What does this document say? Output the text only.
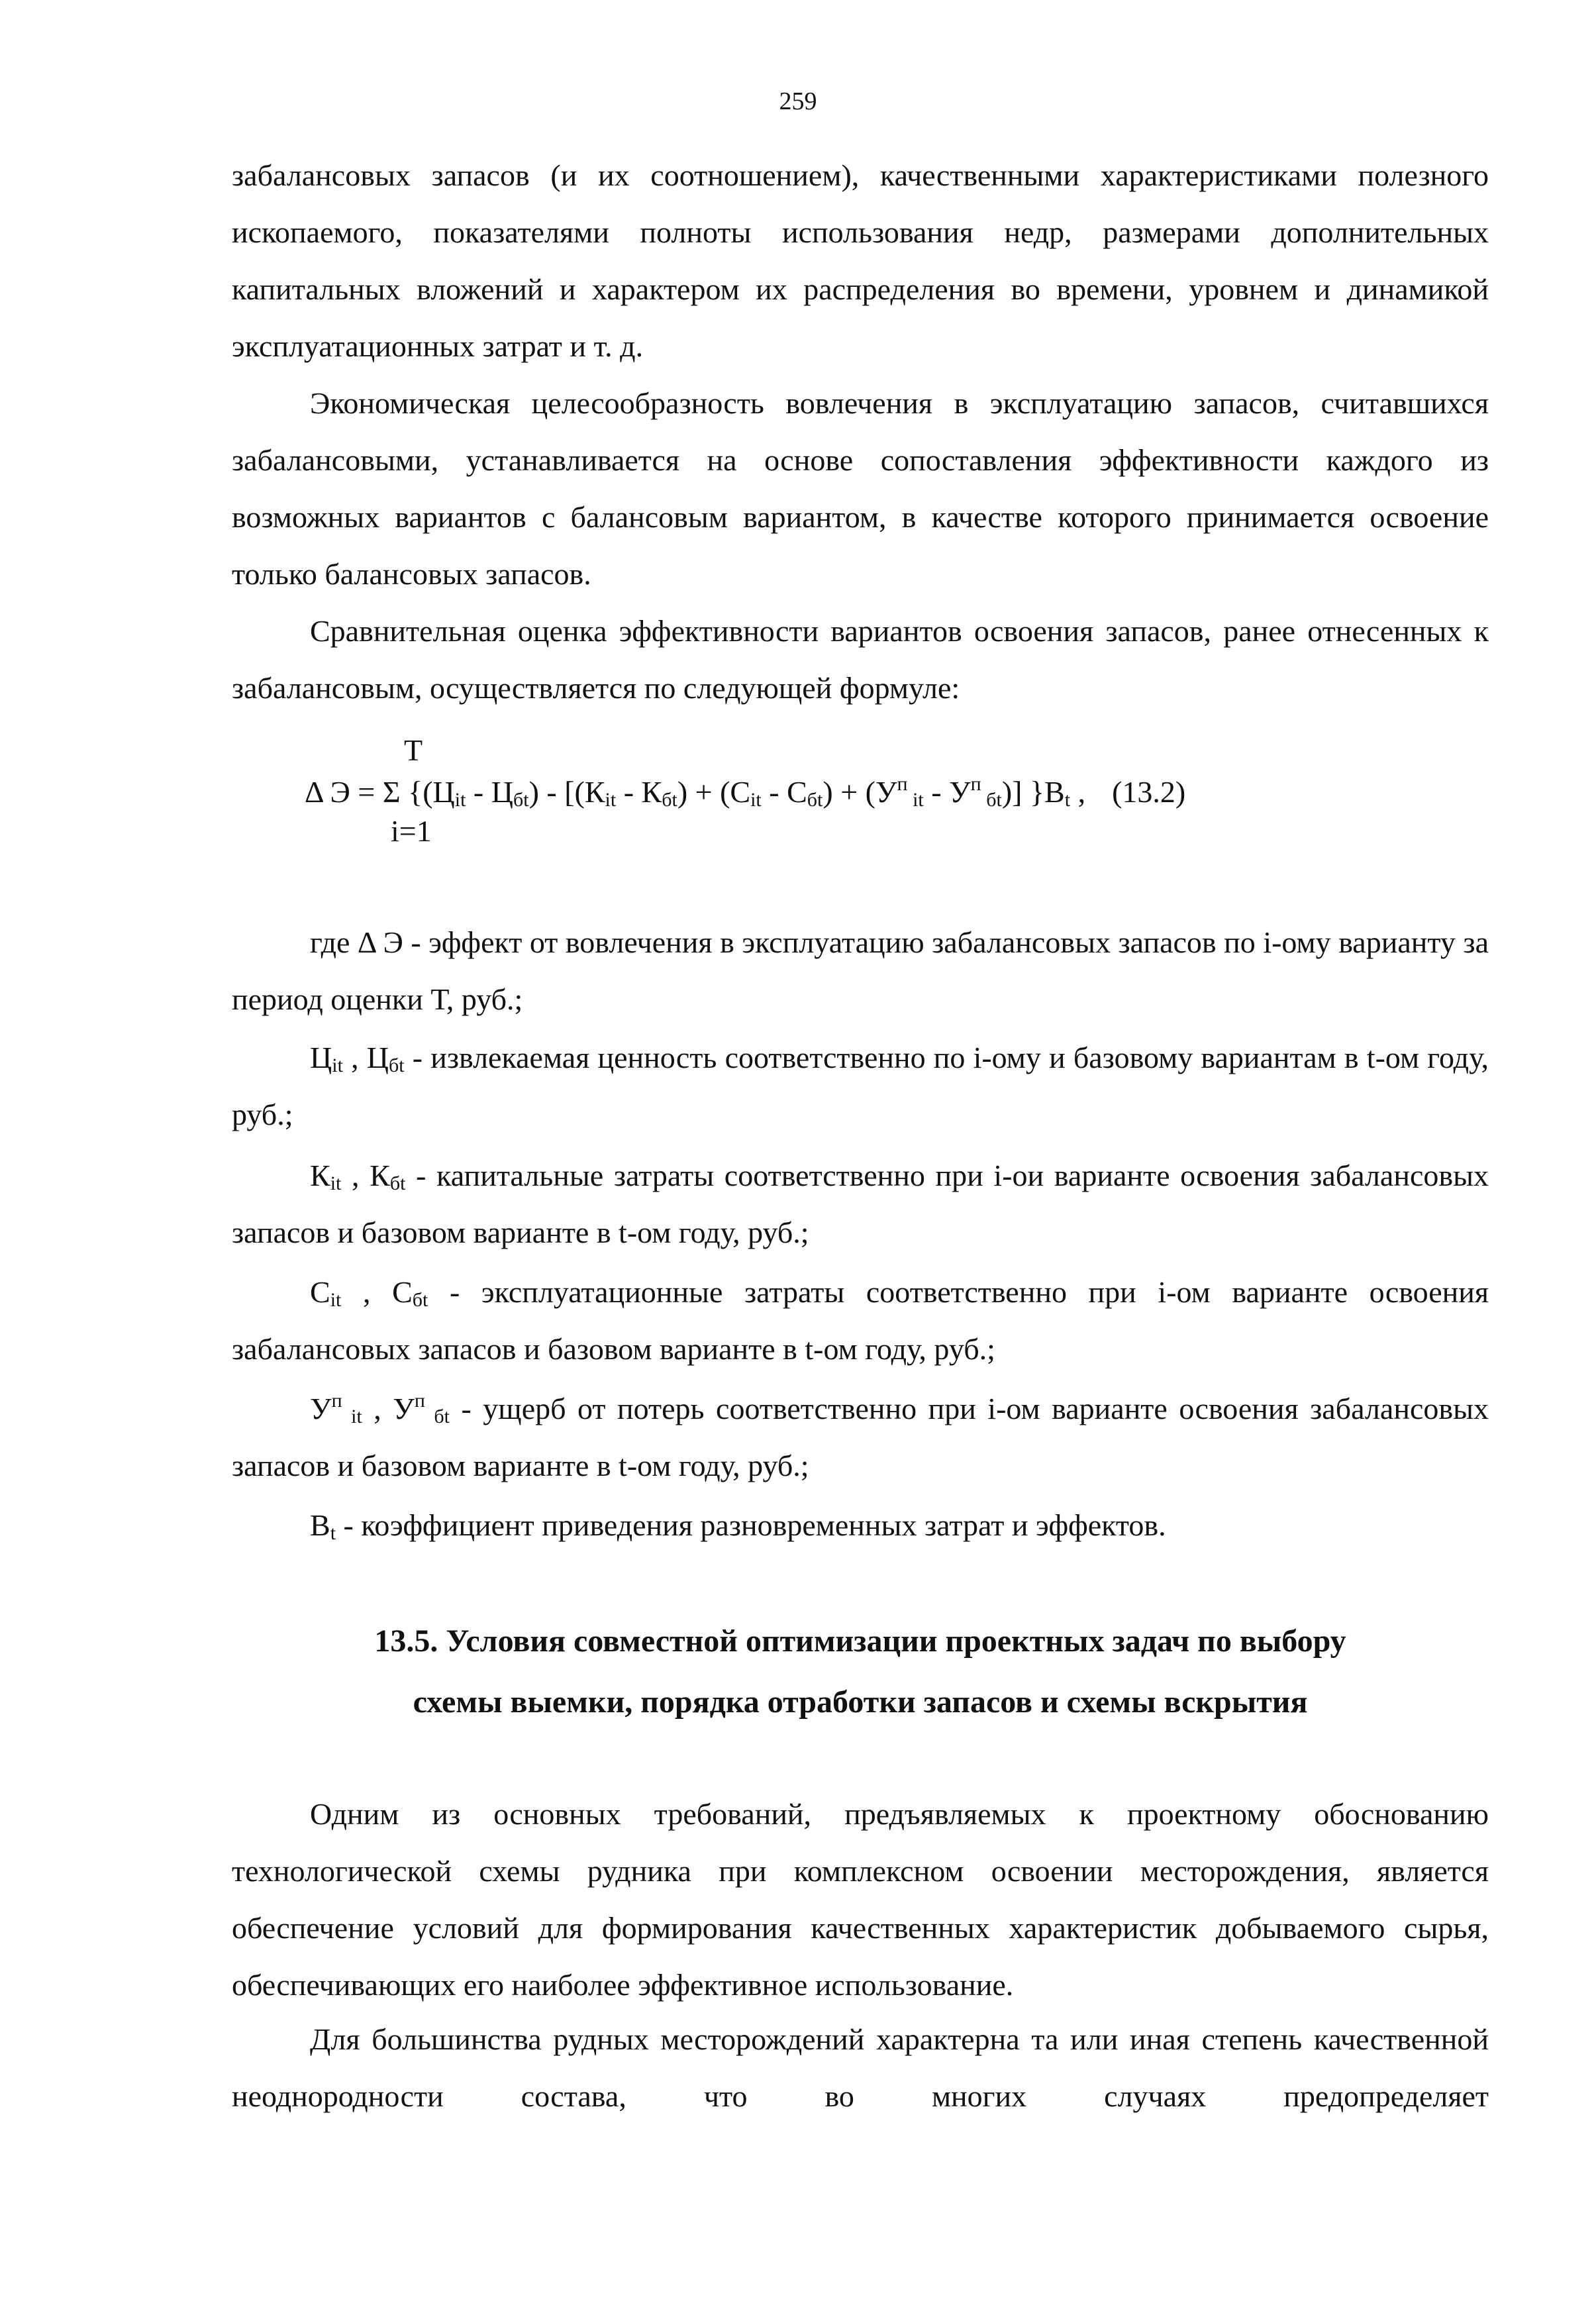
259

забалансовых запасов (и их соотношением), качественными характеристиками полезного ископаемого, показателями полноты использования недр, размерами дополнительных капитальных вложений и характером их распределения во времени, уровнем и динамикой эксплуатационных затрат и т. д.

Экономическая целесообразность вовлечения в эксплуатацию запасов, считавшихся забалансовыми, устанавливается на основе сопоставления эффективности каждого из возможных вариантов с балансовым вариантом, в качестве которого принимается освоение только балансовых запасов.

Сравнительная оценка эффективности вариантов освоения запасов, ранее отнесенных к забалансовым, осуществляется по следующей формуле:

T
Δ Э = Σ {$(Ц_{it} - Ц_{бt}) - [(К_{it} - К_{бt}) + (С_{it} - С_{бt}) + (У^п$ $_{it} - У^п$ $_{бt}$)] }$В_t$ , (13.2)
i=1

где Δ Э - эффект от вовлечения в эксплуатацию забалансовых запасов по i-ому варианту за период оценки Т, руб.;

$Ц_{it}$ , $Ц_{бt}$ - извлекаемая ценность соответственно по i-ому и базовому вариантам в t-ом году, руб.;

$К_{it}$ , $К_{бt}$ - капитальные затраты соответственно при i-ои варианте освоения забалансовых запасов и базовом варианте в t-ом году, руб.;

$С_{it}$ , $С_{бt}$ - эксплуатационные затраты соответственно при i-ом варианте освоения забалансовых запасов и базовом варианте в t-ом году, руб.;

$У^п$ $_{it}$ , $У^п$ $_{бt}$ - ущерб от потерь соответственно при i-ом варианте освоения забалансовых запасов и базовом варианте в t-ом году, руб.;

$В_t$ - коэффициент приведения разновременных затрат и эффектов.

13.5. Условия совместной оптимизации проектных задач по выбору
схемы выемки, порядка отработки запасов и схемы вскрытия

Одним из основных требований, предъявляемых к проектному обоснованию технологической схемы рудника при комплексном освоении месторождения, является обеспечение условий для формирования качественных характеристик добываемого сырья, обеспечивающих его наиболее эффективное использование.

Для большинства рудных месторождений характерна та или иная степень качественной неоднородности состава, что во многих случаях предопределяет
